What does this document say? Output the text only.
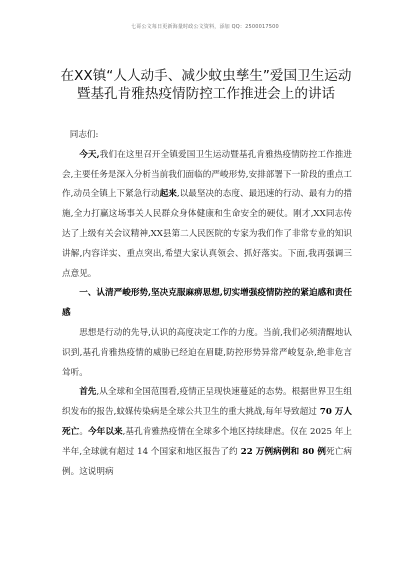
七哥公文每日更新海量时政公文资料，添加 QQ：2500017500
在XX镇“人人动手、减少蚊虫孳生”爱国卫生运动暨基孔肯雅热疫情防控工作推进会上的讲话

同志们:

今天,我们在这里召开全镇爱国卫生运动暨基孔肯雅热疫情防控工作推进会,主要任务是深入分析当前我们面临的严峻形势,安排部署下一阶段的重点工作,动员全镇上下紧急行动起来,以最坚决的态度、最迅速的行动、最有力的措施,全力打赢这场事关人民群众身体健康和生命安全的硬仗。刚才,XX同志传达了上级有关会议精神,XX县第二人民医院的专家为我们作了非常专业的知识讲解,内容详实、重点突出,希望大家认真领会、抓好落实。下面,我再强调三点意见。

一、认清严峻形势,坚决克服麻痹思想,切实增强疫情防控的紧迫感和责任感

思想是行动的先导,认识的高度决定工作的力度。当前,我们必须清醒地认识到,基孔肯雅热疫情的威胁已经迫在眉睫,防控形势异常严峻复杂,绝非危言耸听。

首先,从全球和全国范围看,疫情正呈现快速蔓延的态势。根据世界卫生组织发布的报告,蚊媒传染病是全球公共卫生的重大挑战,每年导致超过 70 万人死亡。今年以来,基孔肯雅热疫情在全球多个地区持续肆虐。仅在 2025 年上半年,全球就有超过 14 个国家和地区报告了约 22 万例病例和 80 例死亡病例。这说明病
